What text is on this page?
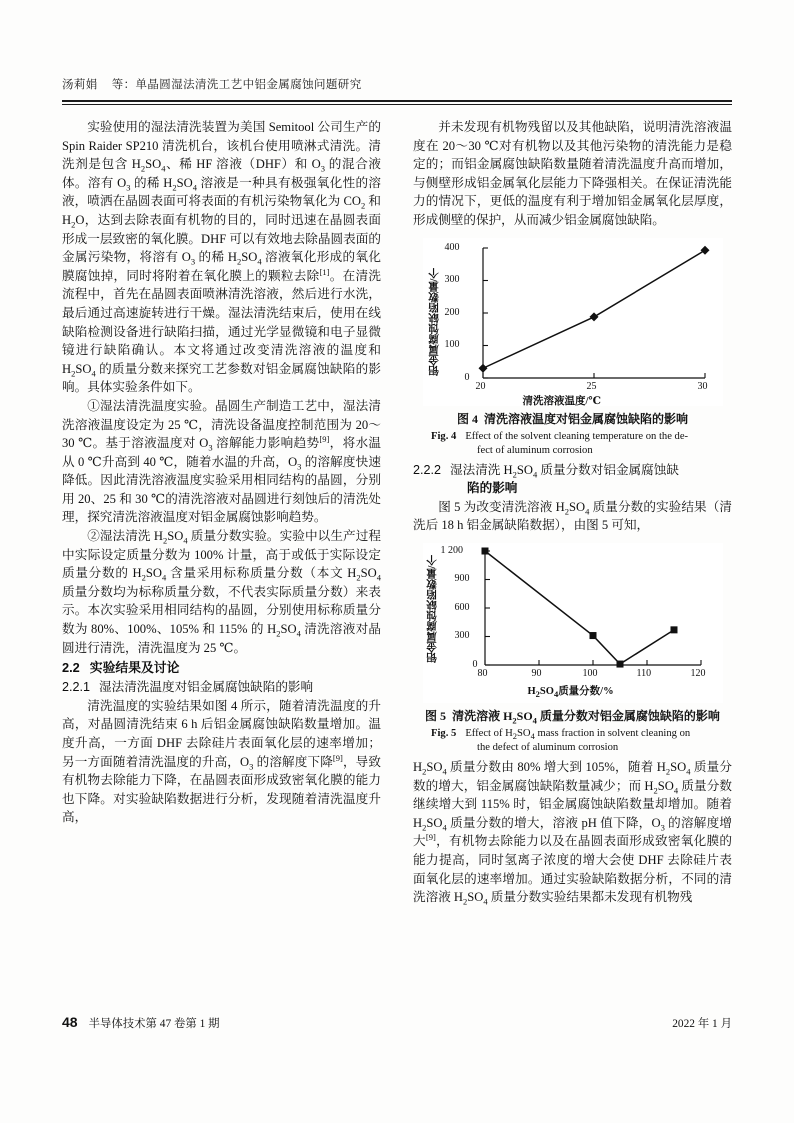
汤莉娟 等：单晶圆湿法清洗工艺中铝金属腐蚀问题研究

实验使用的湿法清洗装置为美国 Semitool 公司生产的 Spin Raider SP210 清洗机台，该机台使用喷淋式清洗。清洗剂是包含 $H_2SO_4$、稀 HF 溶液（DHF）和 $O_3$ 的混合液体。溶有 $O_3$ 的稀 $H_2SO_4$ 溶液是一种具有极强氧化性的溶液，喷洒在晶圆表面可将表面的有机污染物氧化为 $CO_2$ 和 $H_2O$，达到去除表面有机物的目的，同时迅速在晶圆表面形成一层致密的氧化膜。DHF 可以有效地去除晶圆表面的金属污染物，将溶有 $O_3$ 的稀 $H_2SO_4$ 溶液氧化形成的氧化膜腐蚀掉，同时将附着在氧化膜上的颗粒去除[1]。在清洗流程中，首先在晶圆表面喷淋清洗溶液，然后进行水洗，最后通过高速旋转进行干燥。湿法清洗结束后，使用在线缺陷检测设备进行缺陷扫描，通过光学显微镜和电子显微镜进行缺陷确认。本文将通过改变清洗溶液的温度和 $H_2SO_4$ 的质量分数来探究工艺参数对铝金属腐蚀缺陷的影响。具体实验条件如下。

①湿法清洗温度实验。晶圆生产制造工艺中，湿法清洗溶液温度设定为 25 ℃，清洗设备温度控制范围为 20～30 ℃。基于溶液温度对 $O_3$ 溶解能力影响趋势[9]，将水温从 0 ℃升高到 40 ℃，随着水温的升高，$O_3$ 的溶解度快速降低。因此清洗溶液温度实验采用相同结构的晶圆，分别用 20、25 和 30 ℃的清洗溶液对晶圆进行刻蚀后的清洗处理，探究清洗溶液温度对铝金属腐蚀影响趋势。

②湿法清洗 $H_2SO_4$ 质量分数实验。实验中以生产过程中实际设定质量分数为 100% 计量，高于或低于实际设定质量分数的 $H_2SO_4$ 含量采用标称质量分数（本文 $H_2SO_4$ 质量分数均为标称质量分数，不代表实际质量分数）来表示。本次实验采用相同结构的晶圆，分别使用标称质量分数为 80%、100%、105% 和 115% 的 $H_2SO_4$ 清洗溶液对晶圆进行清洗，清洗温度为 25 ℃。

2.2 实验结果及讨论
2.2.1 湿法清洗温度对铝金属腐蚀缺陷的影响

清洗温度的实验结果如图 4 所示，随着清洗温度的升高，对晶圆清洗结束 6 h 后铝金属腐蚀缺陷数量增加。温度升高，一方面 DHF 去除硅片表面氧化层的速率增加；另一方面随着清洗温度的升高，$O_3$ 的溶解度下降[9]，导致有机物去除能力下降，在晶圆表面形成致密氧化膜的能力也下降。对实验缺陷数据进行分析，发现随着清洗温度升高，

并未发现有机物残留以及其他缺陷，说明清洗溶液温度在 20～30 ℃对有机物以及其他污染物的清洗能力是稳定的；而铝金属腐蚀缺陷数量随着清洗温度升高而增加，与侧壁形成铝金属氧化层能力下降强相关。在保证清洗能力的情况下，更低的温度有利于增加铝金属氧化层厚度，形成侧壁的保护，从而减少铝金属腐蚀缺陷。

400
300
200
100
0
20	25	30
铝金属腐蚀缺陷数量/个
清洗溶液温度/℃
图 4 清洗溶液温度对铝金属腐蚀缺陷的影响
Fig. 4 Effect of the solvent cleaning temperature on the de-
fect of aluminum corrosion
2.2.2 湿法清洗 $H_2SO_4$ 质量分数对铝金属腐蚀缺
陷的影响

图 5 为改变清洗溶液 $H_2SO_4$ 质量分数的实验结果（清洗后 18 h 铝金属缺陷数据），由图 5 可知，

1 200
900
600
300
0
80	90	100	110	120
铝金属腐蚀缺陷数量/个
$H_2SO_4$质量分数/%
图 5 清洗溶液 $H_2SO_4$ 质量分数对铝金属腐蚀缺陷的影响
Fig. 5 Effect of $H_2SO_4$ mass fraction in solvent cleaning on
the defect of aluminum corrosion

$H_2SO_4$ 质量分数由 80% 增大到 105%，随着 $H_2SO_4$ 质量分数的增大，铝金属腐蚀缺陷数量减少；而 $H_2SO_4$ 质量分数继续增大到 115% 时，铝金属腐蚀缺陷数量却增加。随着 $H_2SO_4$ 质量分数的增大，溶液 pH 值下降，$O_3$ 的溶解度增大[9]，有机物去除能力以及在晶圆表面形成致密氧化膜的能力提高，同时氢离子浓度的增大会使 DHF 去除硅片表面氧化层的速率增加。通过实验缺陷数据分析，不同的清洗溶液 $H_2SO_4$ 质量分数实验结果都未发现有机物残

48 半导体技术第 47 卷第 1 期	2022 年 1 月
